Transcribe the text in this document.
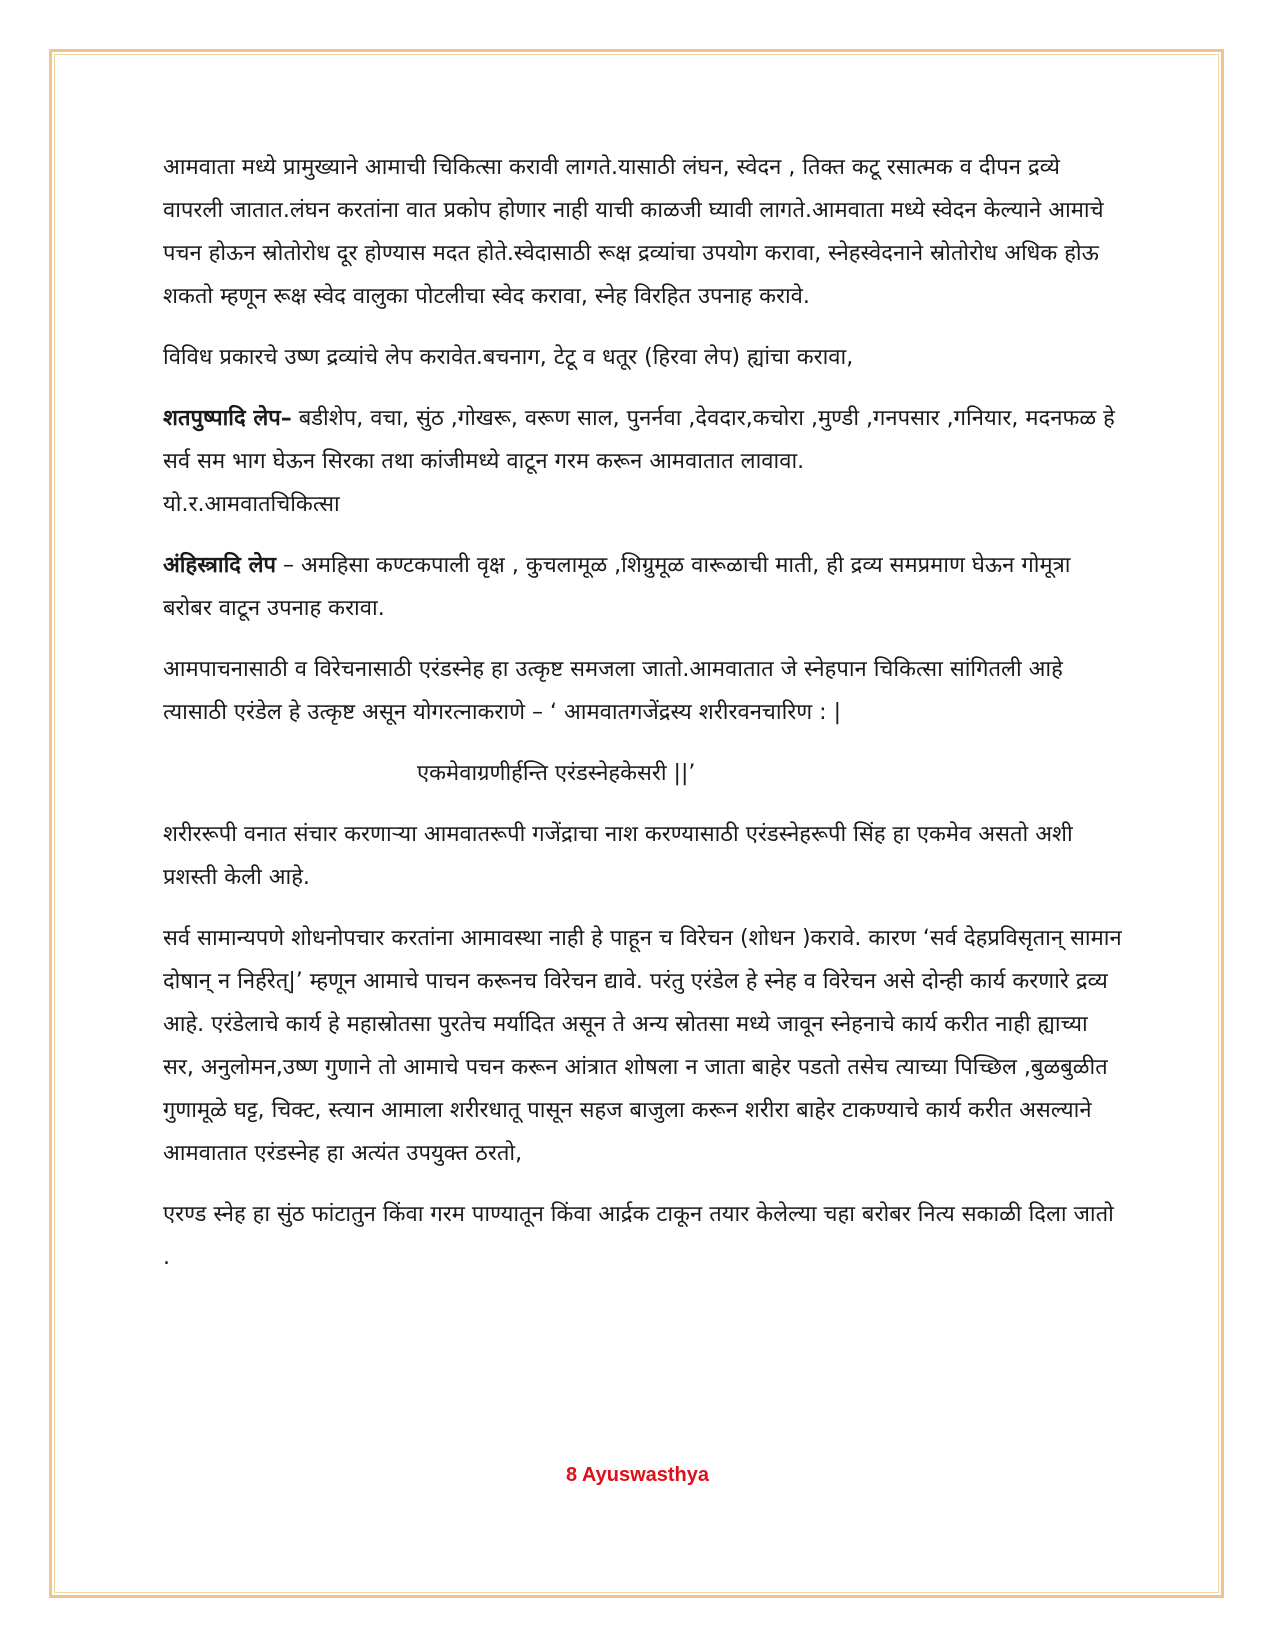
आमवाता मध्ये प्रामुख्याने आमाची चिकित्सा करावी लागते.यासाठी लंघन, स्वेदन , तिक्त कटू रसात्मक व दीपन द्रव्ये वापरली जातात.लंघन करतांना वात प्रकोप होणार नाही याची काळजी घ्यावी लागते.आमवाता मध्ये स्वेदन केल्याने आमाचे पचन होऊन स्रोतोरोध दूर होण्यास मदत होते.स्वेदासाठी रूक्ष द्रव्यांचा उपयोग करावा, स्नेहस्वेदनाने स्रोतोरोध अधिक होऊ शकतो म्हणून रूक्ष स्वेद वालुका पोटलीचा स्वेद करावा, स्नेह विरहित उपनाह करावे.

विविध प्रकारचे उष्ण द्रव्यांचे लेप करावेत.बचनाग, टेटू व धतूर (हिरवा लेप) ह्यांचा करावा,

शतपुष्पादि लेप– बडीशेप, वचा, सुंठ ,गोखरू, वरूण साल, पुनर्नवा ,देवदार,कचोरा ,मुण्डी ,गनपसार ,गनियार, मदनफळ हे सर्व सम भाग घेऊन सिरका तथा कांजीमध्ये वाटून गरम करून आमवातात लावावा.
यो.र.आमवातचिकित्सा

अंहिस्त्रादि लेप – अमहिसा कण्टकपाली वृक्ष , कुचलामूळ ,शिग्रुमूळ वारूळाची माती, ही द्रव्य समप्रमाण घेऊन गोमूत्रा बरोबर वाटून उपनाह करावा.

आमपाचनासाठी व विरेचनासाठी एरंडस्नेह हा उत्कृष्ट समजला जातो.आमवातात जे स्नेहपान चिकित्सा सांगितली आहे त्यासाठी एरंडेल हे उत्कृष्ट असून योगरत्नाकराणे – ‘ आमवातगजेंद्रस्य शरीरवनचारिण : |

एकमेवाग्रणीर्हन्ति एरंडस्नेहकेसरी ||’

शरीररूपी वनात संचार करणाऱ्या आमवातरूपी गजेंद्राचा नाश करण्यासाठी एरंडस्नेहरूपी सिंह हा एकमेव असतो अशी प्रशस्ती केली आहे.

सर्व सामान्यपणे शोधनोपचार करतांना आमावस्था नाही हे पाहून च विरेचन (शोधन )करावे. कारण ‘सर्व देहप्रविसृतान् सामान दोषान् न निर्हरेत्|’ म्हणून आमाचे पाचन करूनच विरेचन द्यावे. परंतु एरंडेल हे स्नेह व विरेचन असे दोन्ही कार्य करणारे द्रव्य आहे. एरंडेलाचे कार्य हे महास्रोतसा पुरतेच मर्यादित असून ते अन्य स्रोतसा मध्ये जावून स्नेहनाचे कार्य करीत नाही ह्याच्या सर, अनुलोमन,उष्ण गुणाने तो आमाचे पचन करून आंत्रात शोषला न जाता बाहेर पडतो तसेच त्याच्या पिच्छिल ,बुळबुळीत गुणामूळे घट्ट, चिक्ट, स्त्यान आमाला शरीरधातू पासून सहज बाजुला करून शरीरा बाहेर टाकण्याचे कार्य करीत असल्याने आमवातात एरंडस्नेह हा अत्यंत उपयुक्त ठरतो,

एरण्ड स्नेह हा सुंठ फांटातुन किंवा गरम पाण्यातून किंवा आर्द्रक टाकून तयार केलेल्या चहा बरोबर नित्य सकाळी दिला जातो .

8 Ayuswasthya
